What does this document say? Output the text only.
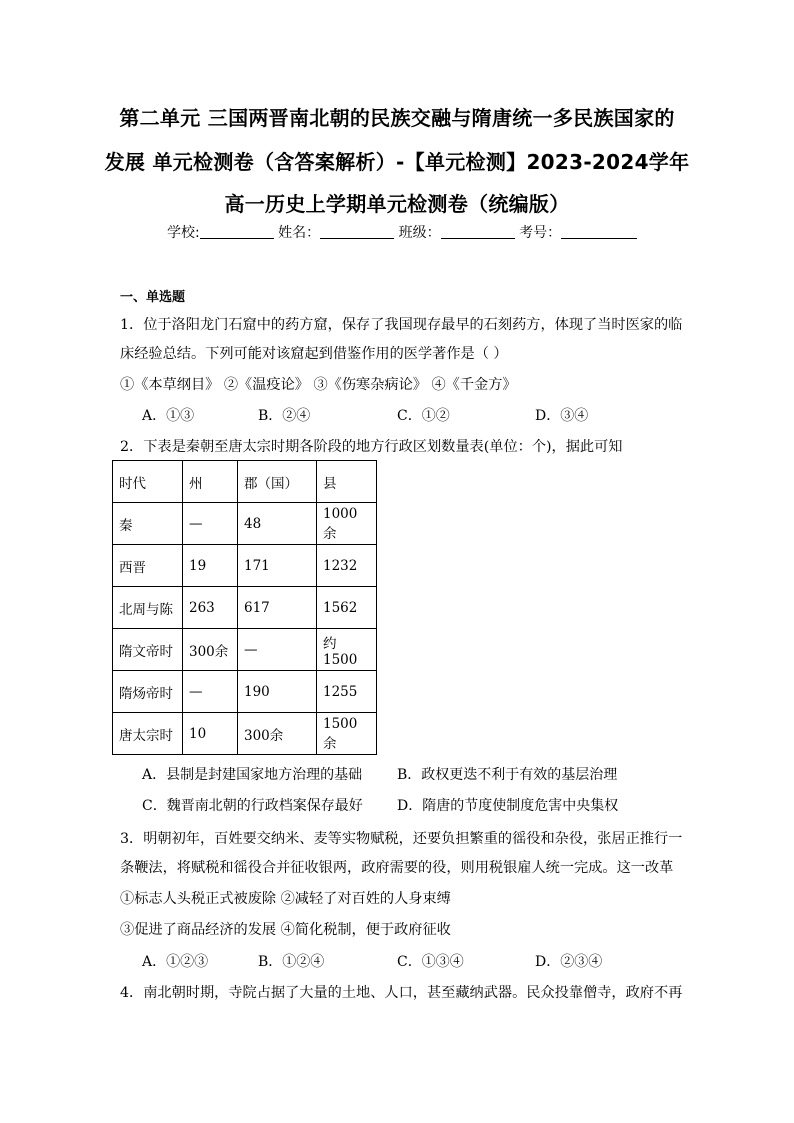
第二单元 三国两晋南北朝的民族交融与隋唐统一多民族国家的
发展 单元检测卷（含答案解析）-【单元检测】2023-2024学年
高一历史上学期单元检测卷（统编版）
学校:	姓名：	班级：	考号：
一、单选题
1．位于洛阳龙门石窟中的药方窟，保存了我国现存最早的石刻药方，体现了当时医家的临
床经验总结。下列可能对该窟起到借鉴作用的医学著作是（ ）
①《本草纲目》 ②《温疫论》 ③《伤寒杂病论》 ④《千金方》
A．①③	B．②④	C．①②	D．③④
2．下表是秦朝至唐太宗时期各阶段的地方行政区划数量表(单位：个)，据此可知
时代	州	郡（国）	县
秦	—	48	1000余
西晋	19	171	1232
北周与陈	263	617	1562
隋文帝时	300余	—	约1500
隋炀帝时	—	190	1255
唐太宗时	10	300余	1500余
A．县制是封建国家地方治理的基础 B．政权更迭不利于有效的基层治理
C．魏晋南北朝的行政档案保存最好 D．隋唐的节度使制度危害中央集权
3．明朝初年，百姓要交纳米、麦等实物赋税，还要负担繁重的徭役和杂役，张居正推行一
条鞭法，将赋税和徭役合并征收银两，政府需要的役，则用税银雇人统一完成。这一改革
①标志人头税正式被废除 ②减轻了对百姓的人身束缚
③促进了商品经济的发展 ④简化税制，便于政府征收
A．①②③	B．①②④	C．①③④	D．②③④
4．南北朝时期，寺院占据了大量的土地、人口，甚至藏纳武器。民众投靠僧寺，政府不再
